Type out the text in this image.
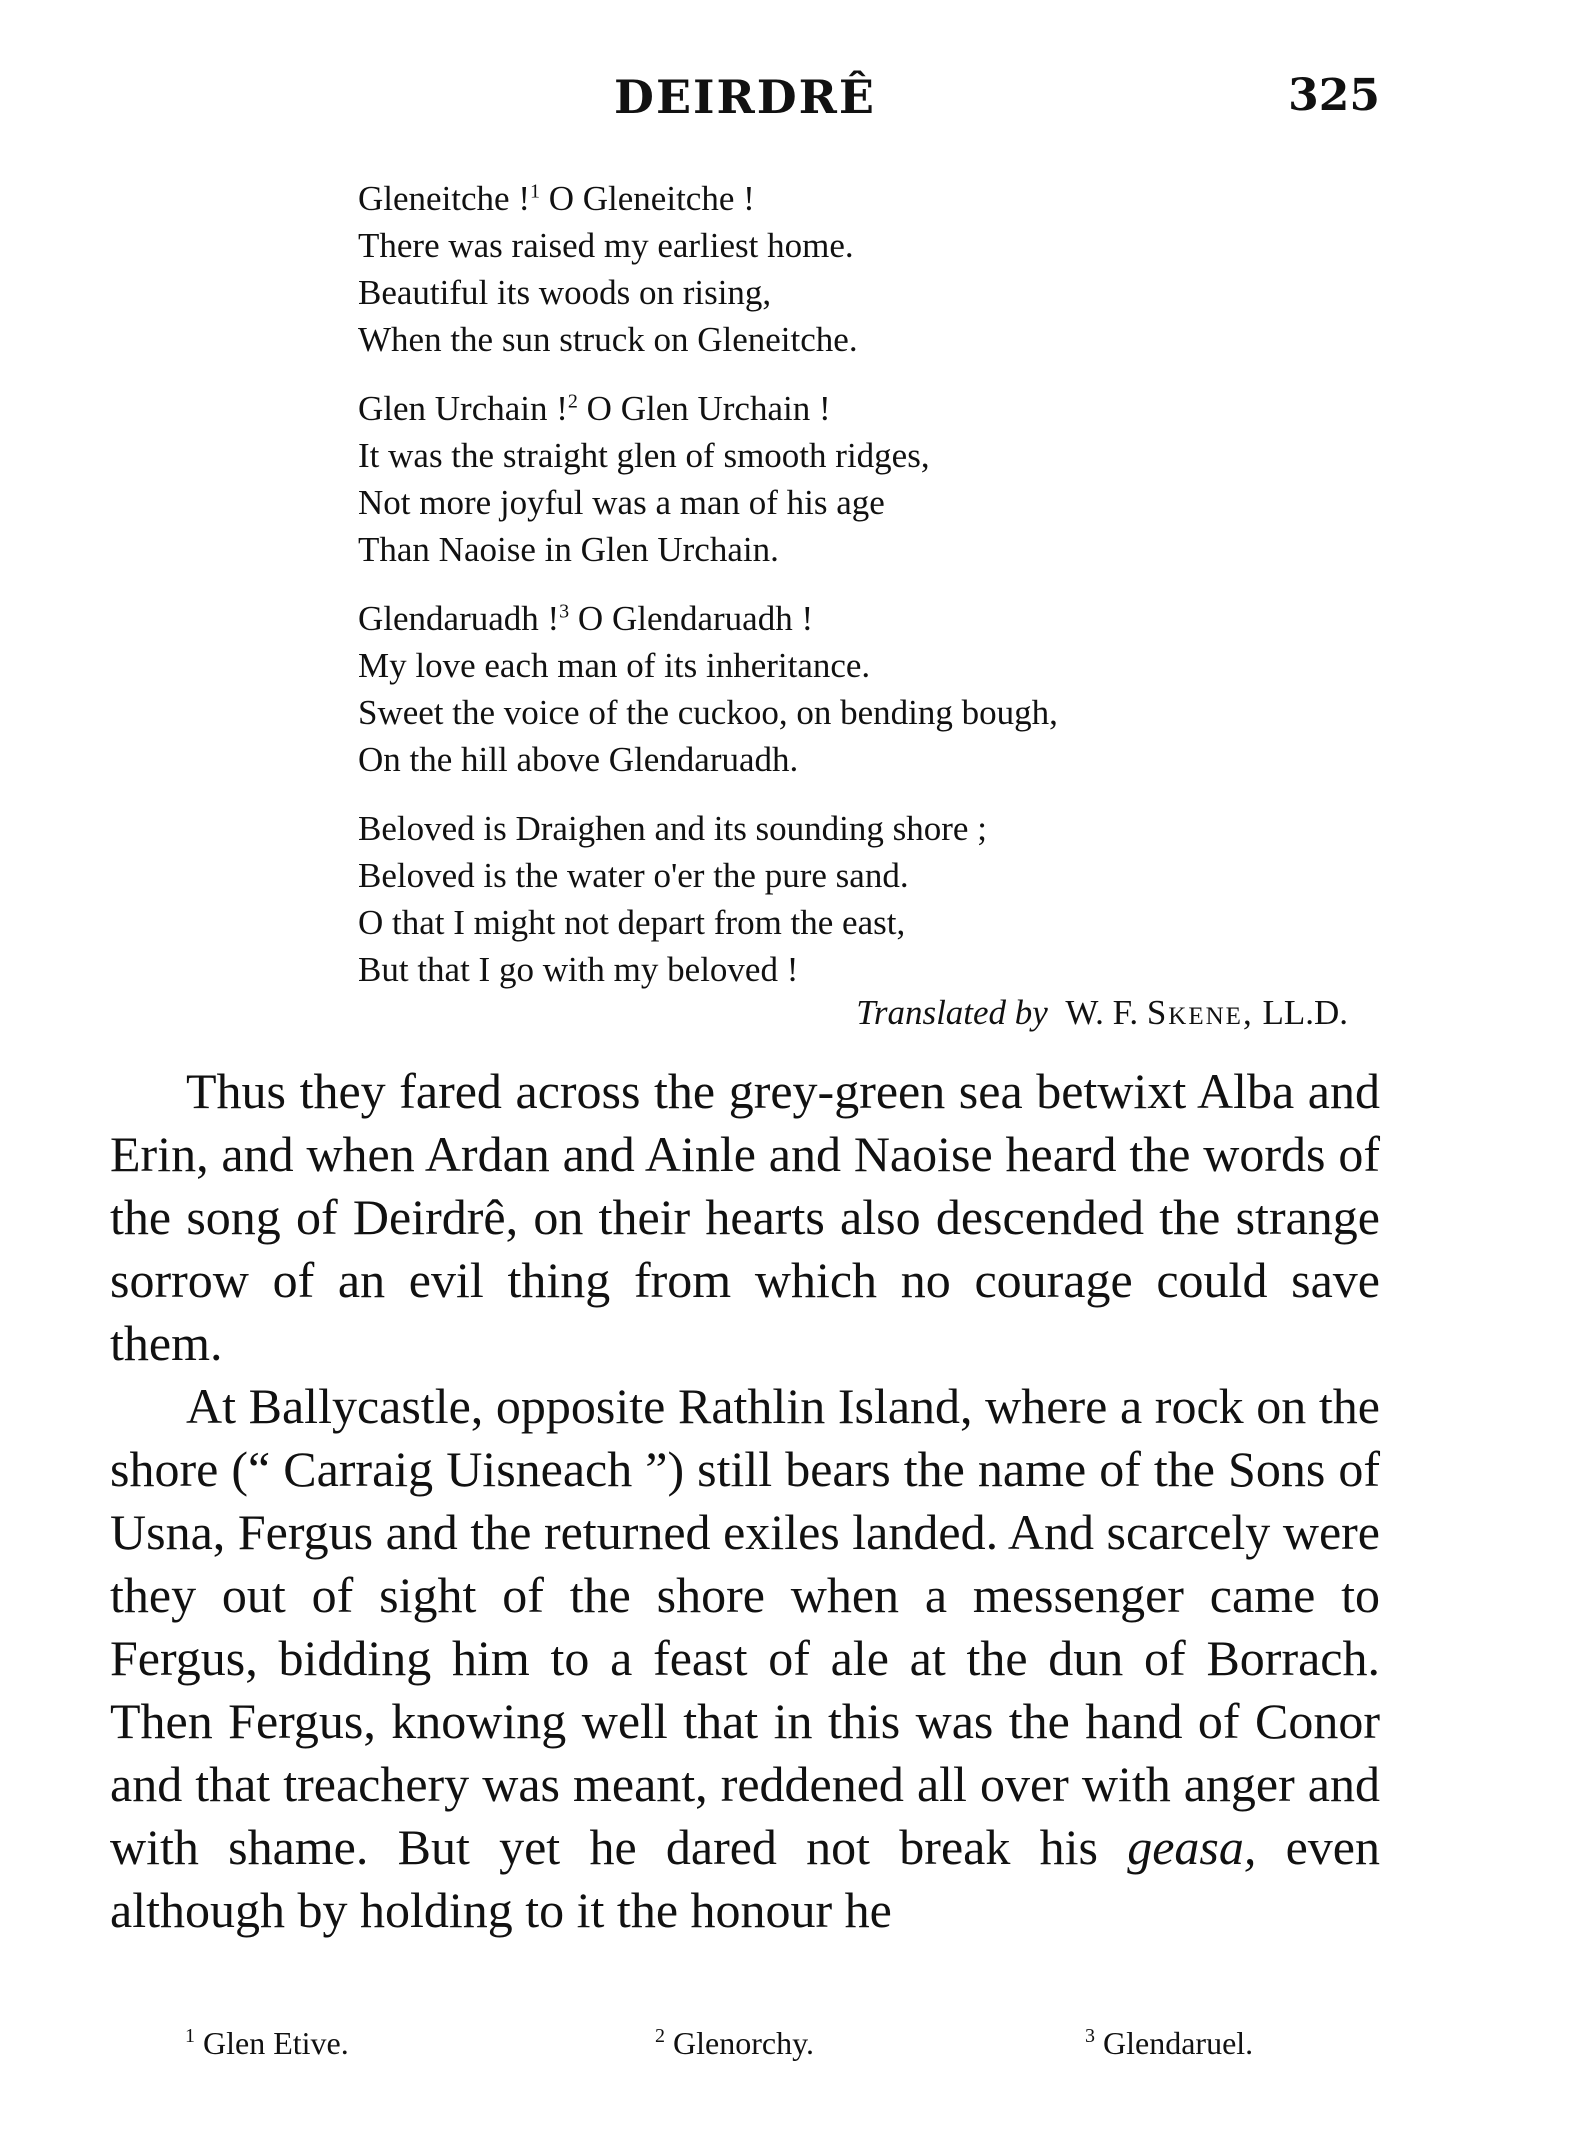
DEIRDRÊ	325
Gleneitche !$^1$ O Gleneitche !
There was raised my earliest home.
Beautiful its woods on rising,
When the sun struck on Gleneitche.
Glen Urchain !$^2$ O Glen Urchain !
It was the straight glen of smooth ridges,
Not more joyful was a man of his age
Than Naoise in Glen Urchain.
Glendaruadh !$^3$ O Glendaruadh !
My love each man of its inheritance.
Sweet the voice of the cuckoo, on bending bough,
On the hill above Glendaruadh.
Beloved is Draighen and its sounding shore ;
Beloved is the water o'er the pure sand.
O that I might not depart from the east,
But that I go with my beloved !
Translated by W. F. Skene, LL.D.

Thus they fared across the grey-green sea betwixt Alba and Erin, and when Ardan and Ainle and Naoise heard the words of the song of Deirdrê, on their hearts also descended the strange sorrow of an evil thing from which no courage could save them.

At Ballycastle, opposite Rathlin Island, where a rock on the shore (“ Carraig Uisneach ”) still bears the name of the Sons of Usna, Fergus and the returned exiles landed. And scarcely were they out of sight of the shore when a messenger came to Fergus, bidding him to a feast of ale at the dun of Borrach. Then Fergus, knowing well that in this was the hand of Conor and that treachery was meant, reddened all over with anger and with shame. But yet he dared not break his geasa, even although by holding to it the honour he

$^1$ Glen Etive.	$^2$ Glenorchy.	$^3$ Glendaruel.
